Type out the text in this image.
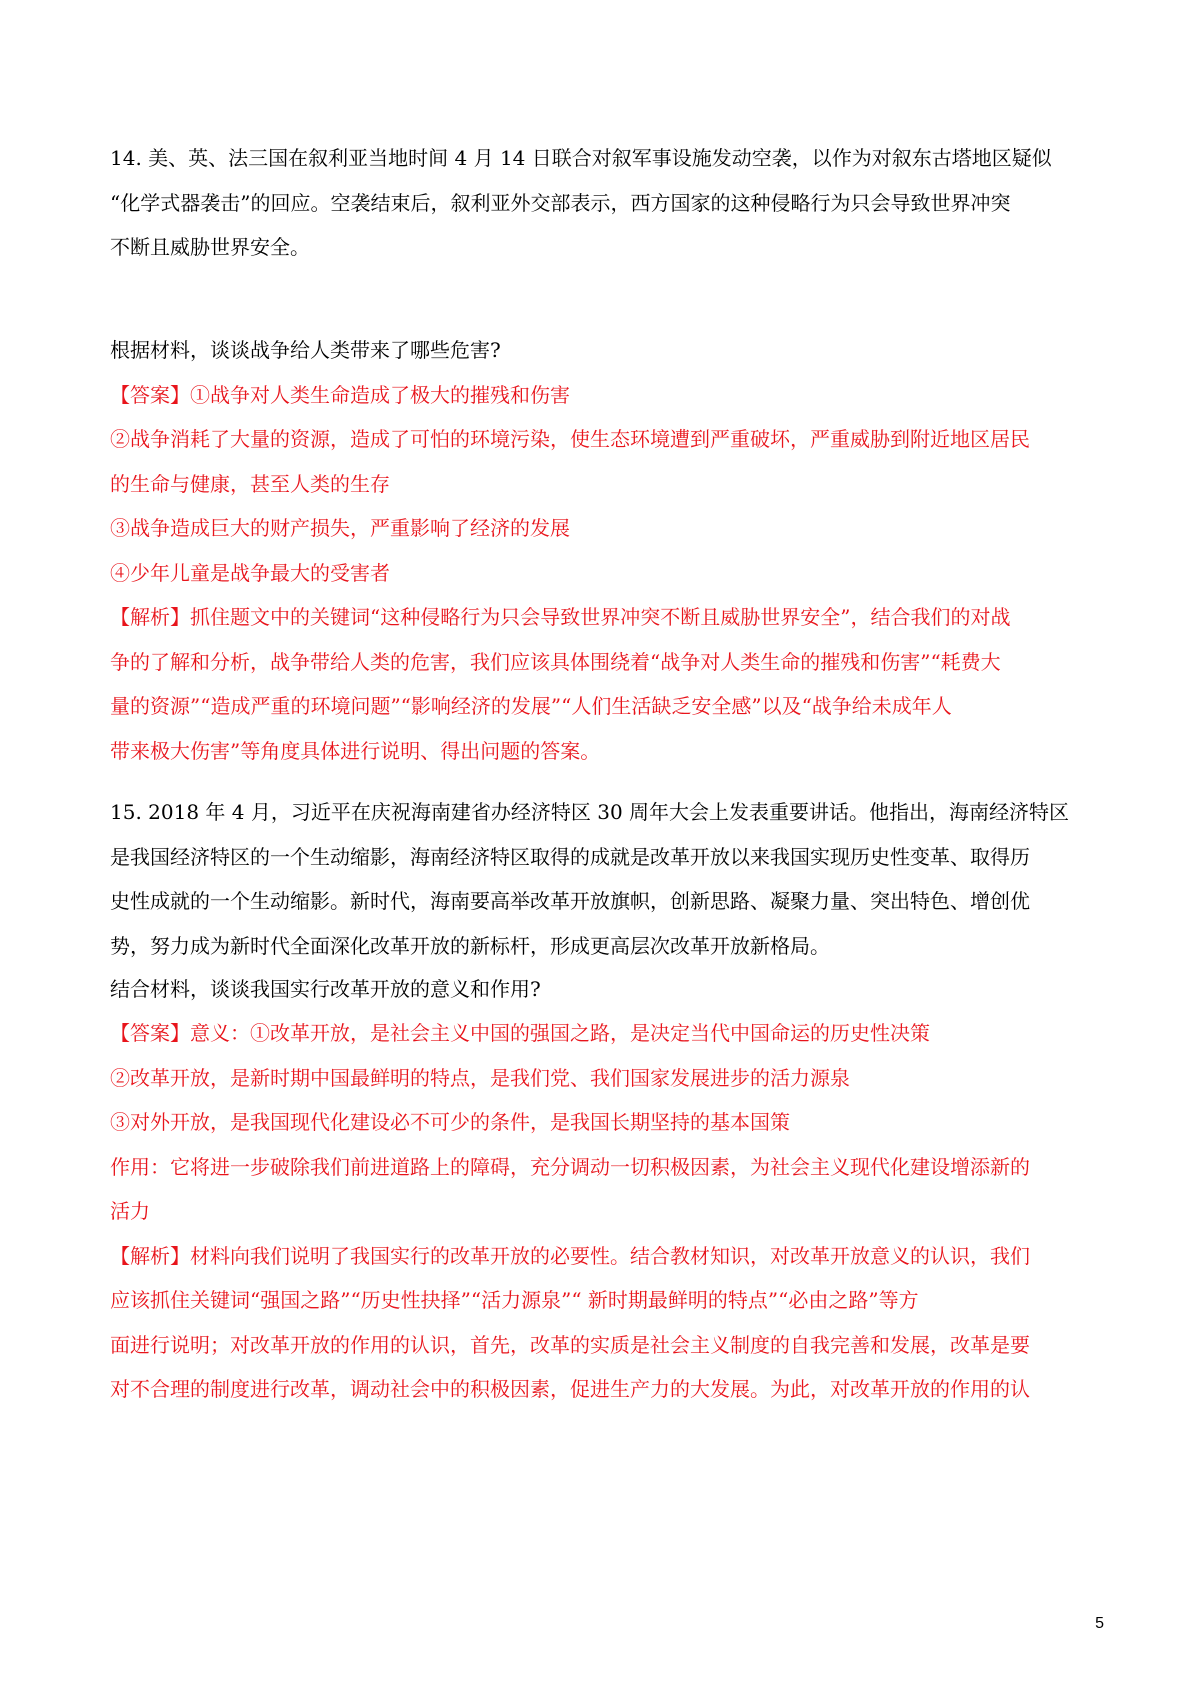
14. 美、英、法三国在叙利亚当地时间 4 月 14 日联合对叙军事设施发动空袭，以作为对叙东古塔地区疑似
“化学式器袭击”的回应。空袭结束后，叙利亚外交部表示，西方国家的这种侵略行为只会导致世界冲突
不断且威胁世界安全。
根据材料，谈谈战争给人类带来了哪些危害?
【答案】①战争对人类生命造成了极大的摧残和伤害
②战争消耗了大量的资源，造成了可怕的环境污染，使生态环境遭到严重破坏，严重威胁到附近地区居民
的生命与健康，甚至人类的生存
③战争造成巨大的财产损失，严重影响了经济的发展
④少年儿童是战争最大的受害者
【解析】抓住题文中的关键词“这种侵略行为只会导致世界冲突不断且威胁世界安全”，结合我们的对战
争的了解和分析，战争带给人类的危害，我们应该具体围绕着“战争对人类生命的摧残和伤害”“耗费大
量的资源”“造成严重的环境问题”“影响经济的发展”“人们生活缺乏安全感”以及“战争给未成年人
带来极大伤害”等角度具体进行说明、得出问题的答案。
15. 2018 年 4 月，习近平在庆祝海南建省办经济特区 30 周年大会上发表重要讲话。他指出，海南经济特区
是我国经济特区的一个生动缩影，海南经济特区取得的成就是改革开放以来我国实现历史性变革、取得历
史性成就的一个生动缩影。新时代，海南要高举改革开放旗帜，创新思路、凝聚力量、突出特色、增创优
势，努力成为新时代全面深化改革开放的新标杆，形成更高层次改革开放新格局。
结合材料，谈谈我国实行改革开放的意义和作用?
【答案】意义：①改革开放，是社会主义中国的强国之路，是决定当代中国命运的历史性决策
②改革开放，是新时期中国最鲜明的特点，是我们党、我们国家发展进步的活力源泉
③对外开放，是我国现代化建设必不可少的条件，是我国长期坚持的基本国策
作用：它将进一步破除我们前进道路上的障碍，充分调动一切积极因素，为社会主义现代化建设增添新的
活力
【解析】材料向我们说明了我国实行的改革开放的必要性。结合教材知识，对改革开放意义的认识，我们
应该抓住关键词“强国之路”“历史性抉择”“活力源泉”“ 新时期最鲜明的特点”“必由之路”等方
面进行说明；对改革开放的作用的认识，首先，改革的实质是社会主义制度的自我完善和发展，改革是要
对不合理的制度进行改革，调动社会中的积极因素，促进生产力的大发展。为此，对改革开放的作用的认
5
